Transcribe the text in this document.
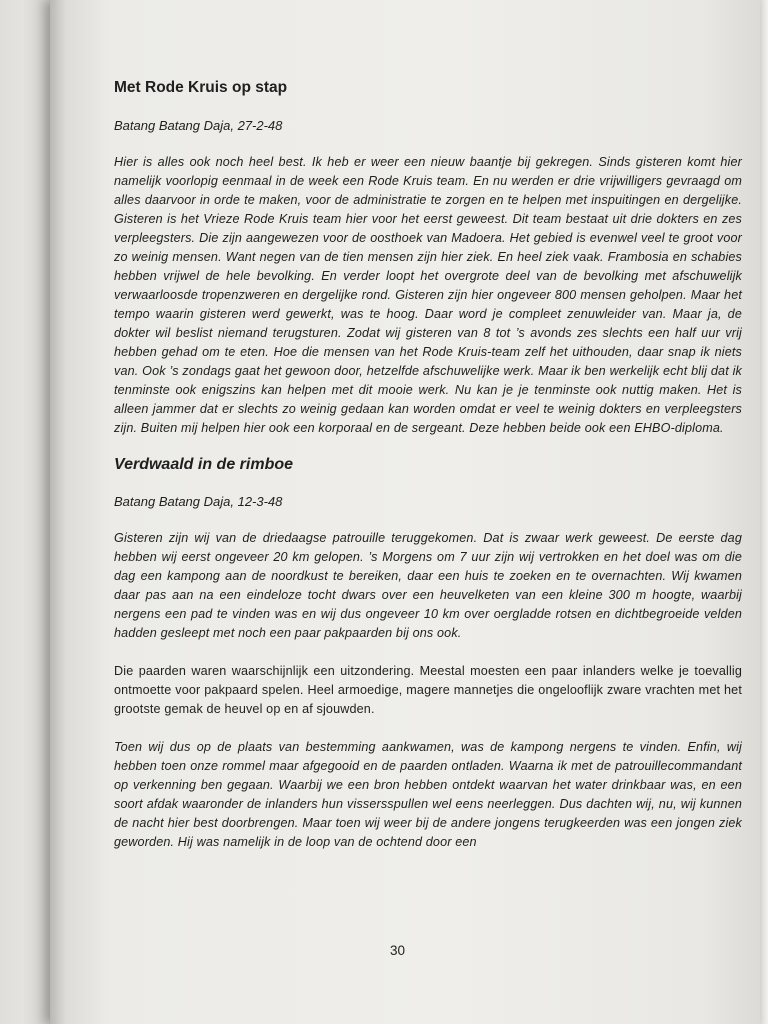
Met Rode Kruis op stap

Batang Batang Daja, 27-2-48

Hier is alles ook noch heel best. Ik heb er weer een nieuw baantje bij gekregen. Sinds gisteren komt hier namelijk voorlopig eenmaal in de week een Rode Kruis team. En nu werden er drie vrijwilligers gevraagd om alles daarvoor in orde te maken, voor de administratie te zorgen en te helpen met inspuitingen en dergelijke. Gisteren is het Vrieze Rode Kruis team hier voor het eerst geweest. Dit team bestaat uit drie dokters en zes verpleegsters. Die zijn aangewezen voor de oosthoek van Madoera. Het gebied is evenwel veel te groot voor zo weinig mensen. Want negen van de tien mensen zijn hier ziek. En heel ziek vaak. Frambosia en schabies hebben vrijwel de hele bevolking. En verder loopt het overgrote deel van de bevolking met afschuwelijk verwaarloosde tropenzweren en dergelijke rond. Gisteren zijn hier ongeveer 800 mensen geholpen. Maar het tempo waarin gisteren werd gewerkt, was te hoog. Daar word je compleet zenuwleider van. Maar ja, de dokter wil beslist niemand terugsturen. Zodat wij gisteren van 8 tot ’s avonds zes slechts een half uur vrij hebben gehad om te eten. Hoe die mensen van het Rode Kruis-team zelf het uithouden, daar snap ik niets van. Ook ’s zondags gaat het gewoon door, hetzelfde afschuwelijke werk. Maar ik ben werkelijk echt blij dat ik tenminste ook enigszins kan helpen met dit mooie werk. Nu kan je je tenminste ook nuttig maken. Het is alleen jammer dat er slechts zo weinig gedaan kan worden omdat er veel te weinig dokters en verpleegsters zijn. Buiten mij helpen hier ook een korporaal en de sergeant. Deze hebben beide ook een EHBO-diploma.

Verdwaald in de rimboe

Batang Batang Daja, 12-3-48

Gisteren zijn wij van de driedaagse patrouille teruggekomen. Dat is zwaar werk geweest. De eerste dag hebben wij eerst ongeveer 20 km gelopen. ’s Morgens om 7 uur zijn wij vertrokken en het doel was om die dag een kampong aan de noordkust te bereiken, daar een huis te zoeken en te overnachten. Wij kwamen daar pas aan na een eindeloze tocht dwars over een heuvelketen van een kleine 300 m hoogte, waarbij nergens een pad te vinden was en wij dus ongeveer 10 km over oergladde rotsen en dichtbegroeide velden hadden gesleept met noch een paar pakpaarden bij ons ook.

Die paarden waren waarschijnlijk een uitzondering. Meestal moesten een paar inlanders welke je toevallig ontmoette voor pakpaard spelen. Heel armoedige, magere mannetjes die ongelooflijk zware vrachten met het grootste gemak de heuvel op en af sjouwden.

Toen wij dus op de plaats van bestemming aankwamen, was de kampong nergens te vinden. Enfin, wij hebben toen onze rommel maar afgegooid en de paarden ontladen. Waarna ik met de patrouillecommandant op verkenning ben gegaan. Waarbij we een bron hebben ontdekt waarvan het water drinkbaar was, en een soort afdak waaronder de inlanders hun vissersspullen wel eens neerleggen. Dus dachten wij, nu, wij kunnen de nacht hier best doorbrengen. Maar toen wij weer bij de andere jongens terugkeerden was een jongen ziek geworden. Hij was namelijk in de loop van de ochtend door een

30
